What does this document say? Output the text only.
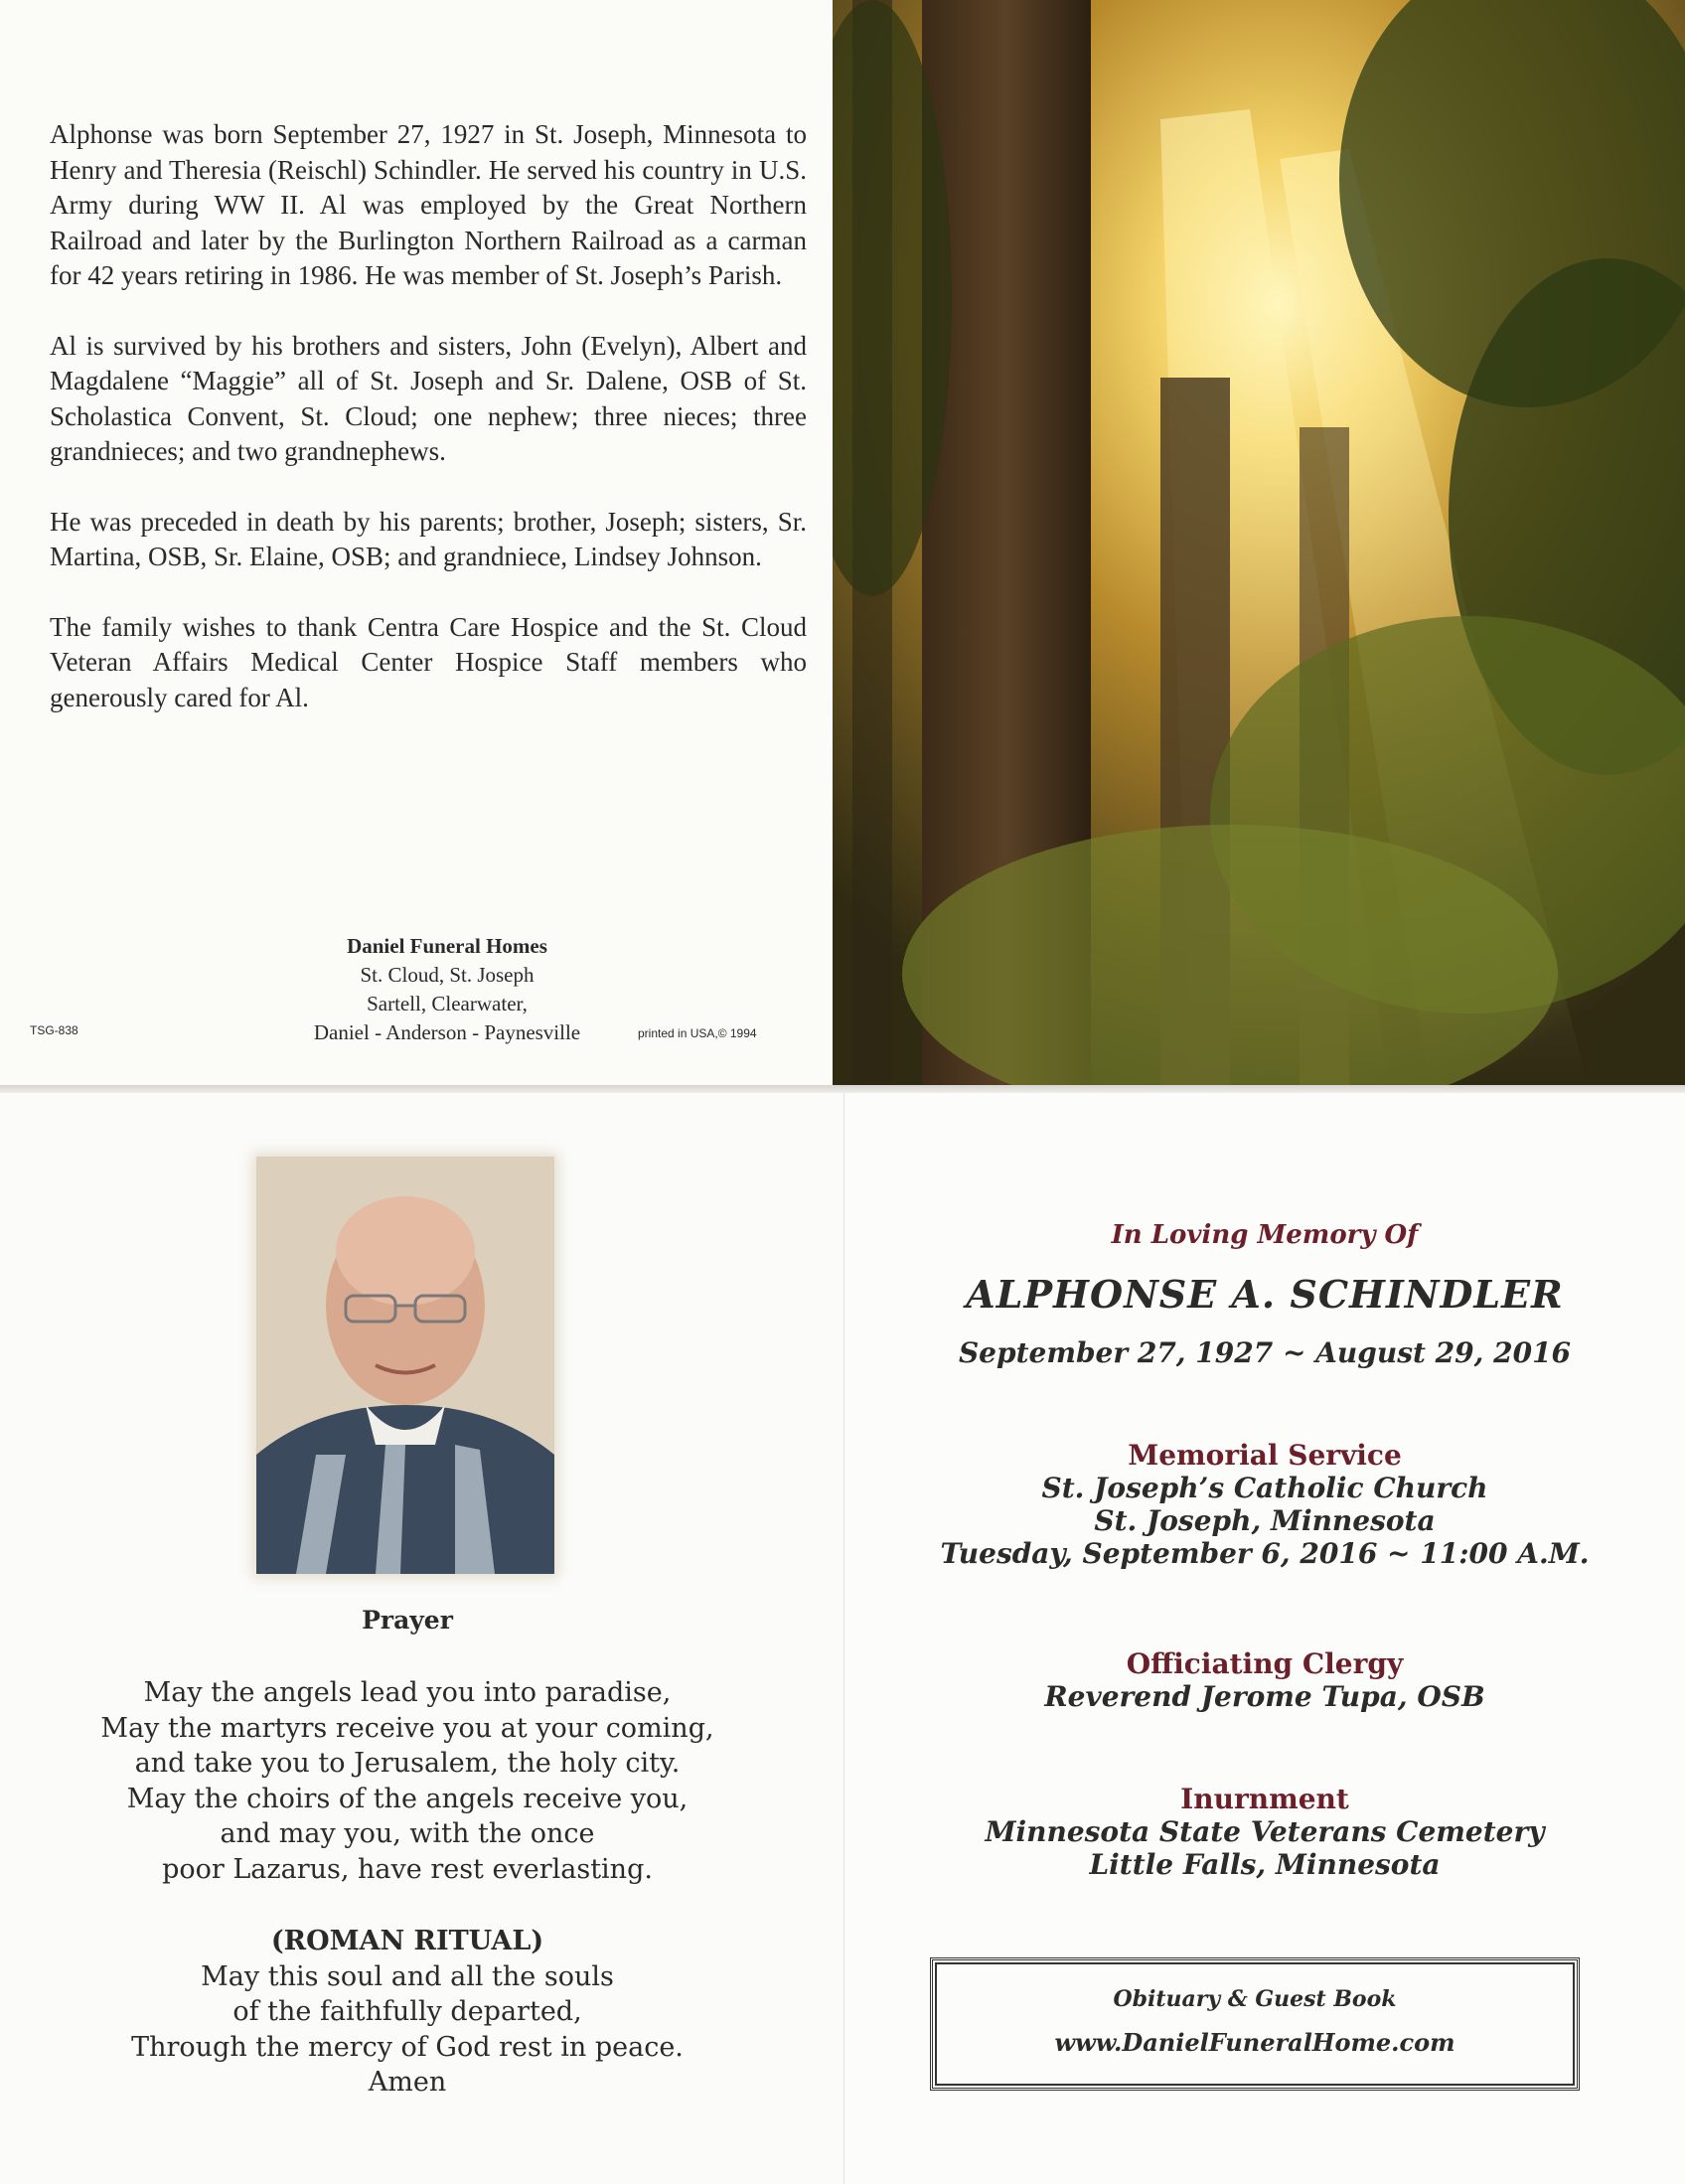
Alphonse was born September 27, 1927 in St. Joseph, Minnesota to Henry and Theresia (Reischl) Schindler. He served his country in U.S. Army during WW II. Al was employed by the Great Northern Railroad and later by the Burlington Northern Railroad as a carman for 42 years retiring in 1986. He was member of St. Joseph’s Parish.

Al is survived by his brothers and sisters, John (Evelyn), Albert and Magdalene “Maggie” all of St. Joseph and Sr. Dalene, OSB of St. Scholastica Convent, St. Cloud; one nephew; three nieces; three grandnieces; and two grandnephews.

He was preceded in death by his parents; brother, Joseph; sisters, Sr. Martina, OSB, Sr. Elaine, OSB; and grandniece, Lindsey Johnson.

The family wishes to thank Centra Care Hospice and the St. Cloud Veteran Affairs Medical Center Hospice Staff members who generously cared for Al.

Daniel Funeral Homes
St. Cloud, St. Joseph
Sartell, Clearwater,
Daniel - Anderson - Paynesville
TSG-838	printed in USA,© 1994
Prayer
May the angels lead you into paradise,
May the martyrs receive you at your coming,
and take you to Jerusalem, the holy city.
May the choirs of the angels receive you,
and may you, with the once
poor Lazarus, have rest everlasting.
(ROMAN RITUAL)
May this soul and all the souls
of the faithfully departed,
Through the mercy of God rest in peace.
Amen
In Loving Memory Of
ALPHONSE A. SCHINDLER
September 27, 1927 ~ August 29, 2016
Memorial Service
St. Joseph’s Catholic Church
St. Joseph, Minnesota
Tuesday, September 6, 2016 ~ 11:00 A.M.
Officiating Clergy
Reverend Jerome Tupa, OSB
Inurnment
Minnesota State Veterans Cemetery
Little Falls, Minnesota
Obituary & Guest Book
www.DanielFuneralHome.com
